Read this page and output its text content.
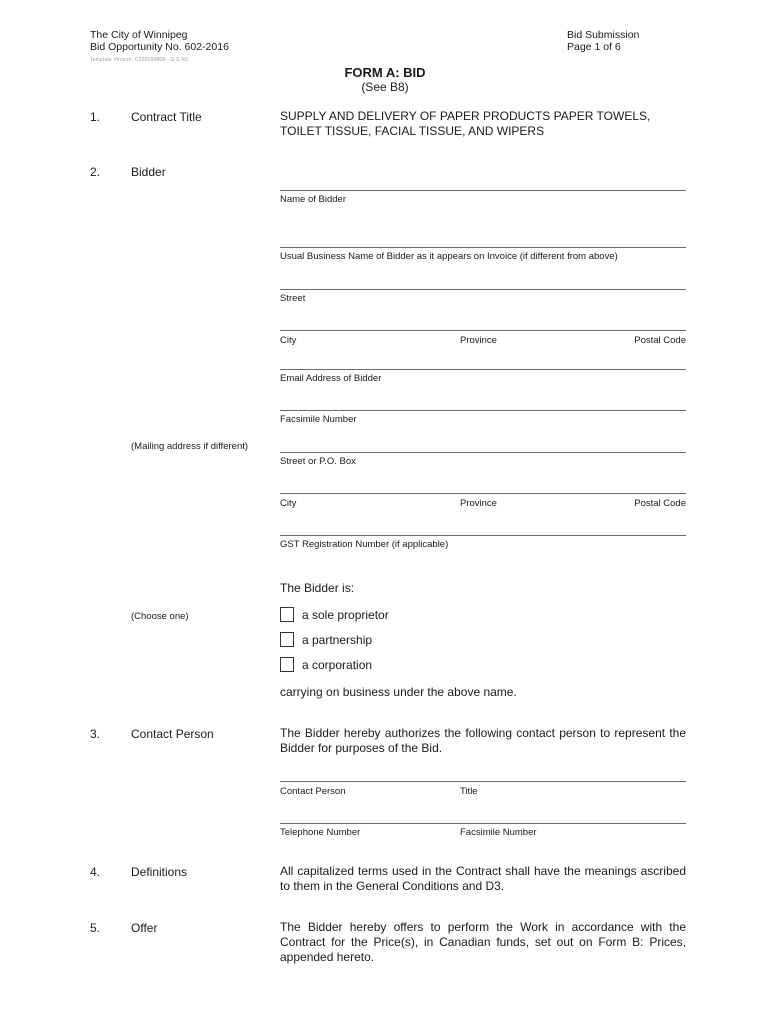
The City of Winnipeg
Bid Opportunity No. 602-2016
Template Version: C220160808 - G S RD
Bid Submission
Page 1 of 6
FORM A: BID
(See B8)
1.	Contract Title	SUPPLY AND DELIVERY OF PAPER PRODUCTS PAPER TOWELS,
TOILET TISSUE, FACIAL TISSUE, AND WIPERS
2.	Bidder
Name of Bidder
Usual Business Name of Bidder as it appears on Invoice (if different from above)
Street
City	Province	Postal Code
Email Address of Bidder
Facsimile Number
(Mailing address if different)
Street or P.O. Box
City	Province	Postal Code
GST Registration Number (if applicable)
The Bidder is:
(Choose one)	a sole proprietor
a partnership
a corporation
carrying on business under the above name.
3.	Contact Person	The Bidder hereby authorizes the following contact person to represent the Bidder for purposes of the Bid.
Contact Person	Title
Telephone Number	Facsimile Number
4.	Definitions	All capitalized terms used in the Contract shall have the meanings ascribed to them in the General Conditions and D3.
5.	Offer	The Bidder hereby offers to perform the Work in accordance with the Contract for the Price(s), in Canadian funds, set out on Form B: Prices, appended hereto.
